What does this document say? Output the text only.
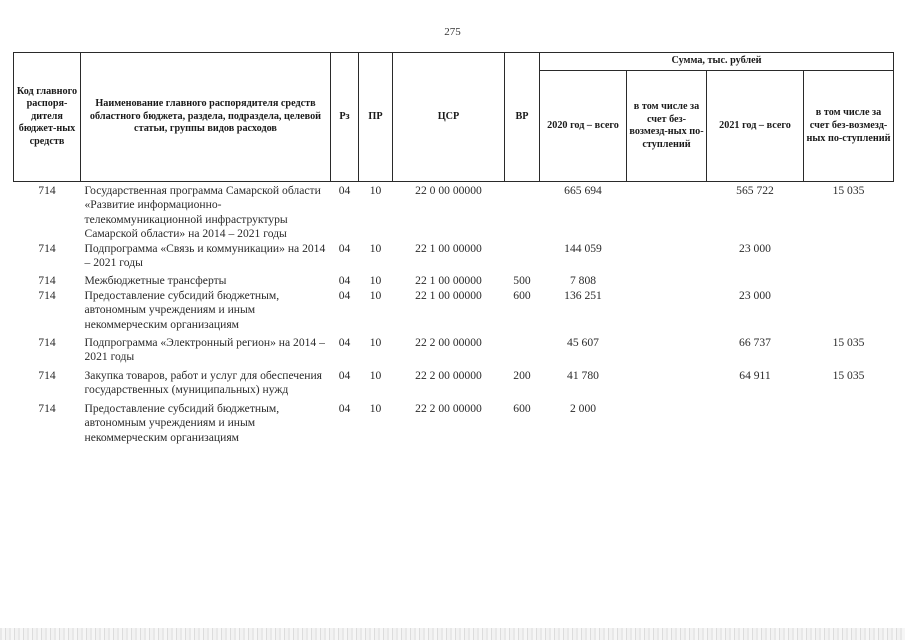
275
Код главного распоря-дителя бюджет-ных средств	Наименование главного распорядителя средств областного бюджета, раздела, подраздела, целевой статьи, группы видов расходов	Рз	ПР	ЦСР	ВР	Сумма, тыс. рублей			
						2020 год – всего	в том числе за счет без-возмезд-ных по-ступлений	2021 год – всего	в том числе за счет без-возмезд-ных по-ступлений
714	Государственная программа Самарской области «Развитие информационно-телекоммуникационной инфраструктуры Самарской области» на 2014 – 2021 годы	04	10	22 0 00 00000		665 694		565 722	15 035
714	Подпрограмма «Связь и коммуникации» на 2014 – 2021 годы	04	10	22 1 00 00000		144 059		23 000	

714	Межбюджетные трансферты	04	10	22 1 00 00000	500	7 808			
714	Предоставление субсидий бюджетным, автономным учреждениям и иным некоммерческим организациям	04	10	22 1 00 00000	600	136 251		23 000	

714	Подпрограмма «Электронный регион» на 2014 – 2021 годы	04	10	22 2 00 00000		45 607		66 737	15 035

714	Закупка товаров, работ и услуг для обеспечения государственных (муниципальных) нужд	04	10	22 2 00 00000	200	41 780		64 911	15 035

714	Предоставление субсидий бюджетным, автономным учреждениям и иным некоммерческим организациям	04	10	22 2 00 00000	600	2 000			
